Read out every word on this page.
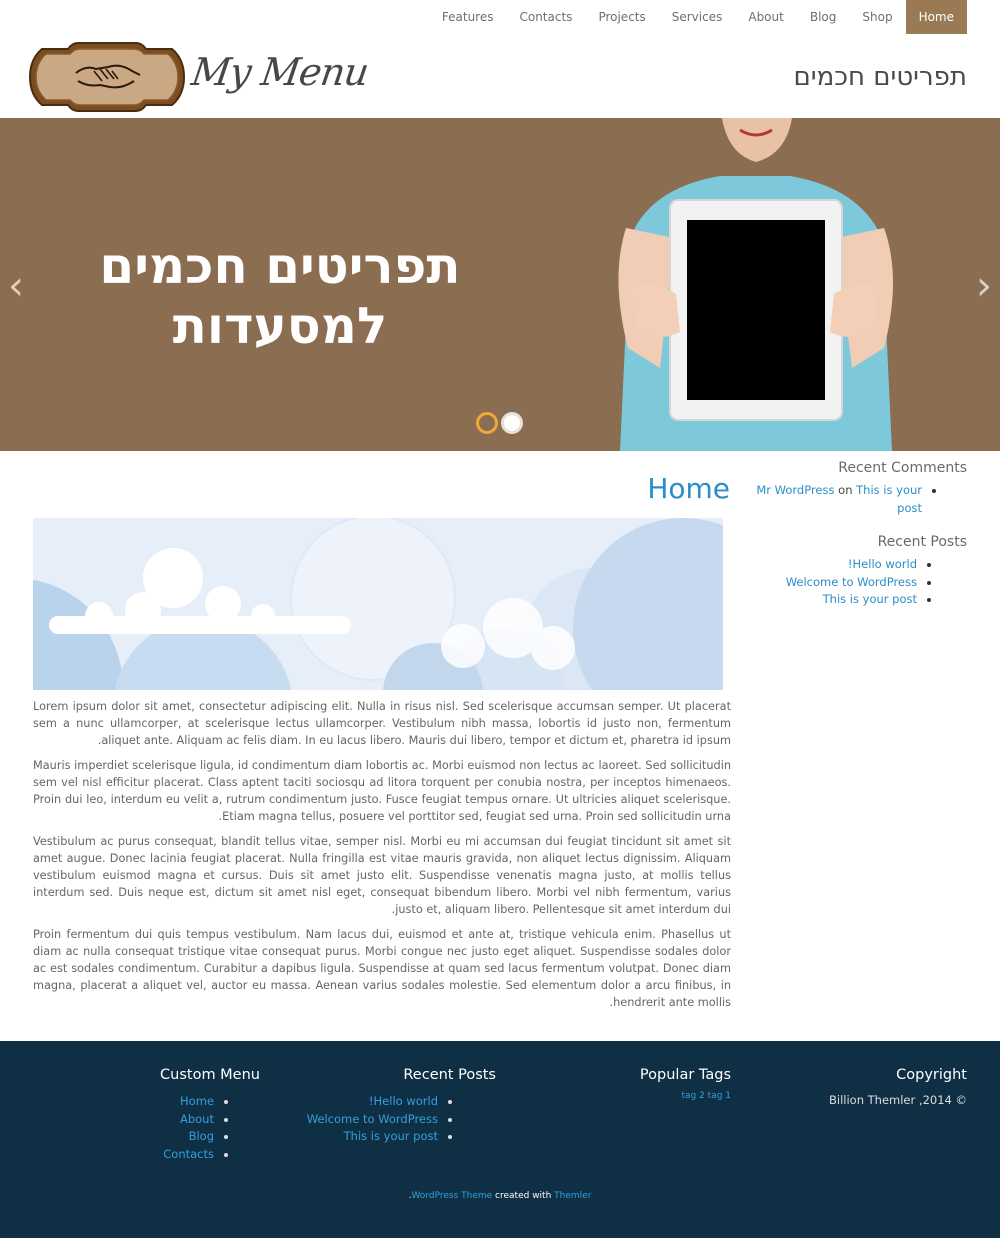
Home
Shop
Blog
About
Services
Projects
Contacts
Features
My Menu	תפריטים חכמים
תפריטים חכמים
למסעדות
‹	›
Home

Lorem ipsum dolor sit amet, consectetur adipiscing elit. Nulla in risus nisl. Sed scelerisque accumsan semper. Ut placerat sem a nunc ullamcorper, at scelerisque lectus ullamcorper. Vestibulum nibh massa, lobortis id justo non, fermentum aliquet ante. Aliquam ac felis diam. In eu lacus libero. Mauris dui libero, tempor et dictum et, pharetra id ipsum.

Mauris imperdiet scelerisque ligula, id condimentum diam lobortis ac. Morbi euismod non lectus ac laoreet. Sed sollicitudin sem vel nisl efficitur placerat. Class aptent taciti sociosqu ad litora torquent per conubia nostra, per inceptos himenaeos. Proin dui leo, interdum eu velit a, rutrum condimentum justo. Fusce feugiat tempus ornare. Ut ultricies aliquet scelerisque. Etiam magna tellus, posuere vel porttitor sed, feugiat sed urna. Proin sed sollicitudin urna.

Vestibulum ac purus consequat, blandit tellus vitae, semper nisl. Morbi eu mi accumsan dui feugiat tincidunt sit amet sit amet augue. Donec lacinia feugiat placerat. Nulla fringilla est vitae mauris gravida, non aliquet lectus dignissim. Aliquam vestibulum euismod magna et cursus. Duis sit amet justo elit. Suspendisse venenatis magna justo, at mollis tellus interdum sed. Duis neque est, dictum sit amet nisl eget, consequat bibendum libero. Morbi vel nibh fermentum, varius justo et, aliquam libero. Pellentesque sit amet interdum dui.

Proin fermentum dui quis tempus vestibulum. Nam lacus dui, euismod et ante at, tristique vehicula enim. Phasellus ut diam ac nulla consequat tristique vitae consequat purus. Morbi congue nec justo eget aliquet. Suspendisse sodales dolor ac est sodales condimentum. Curabitur a dapibus ligula. Suspendisse at quam sed lacus fermentum volutpat. Donec diam magna, placerat a aliquet vel, auctor eu massa. Aenean varius sodales molestie. Sed elementum dolor a arcu finibus, in hendrerit ante mollis.

Recent Comments
• Mr WordPress on This is your post
Recent Posts
• Hello world!
• Welcome to WordPress
• This is your post
Copyright
© 2014, Billion Themler
Popular Tags
tag 2 tag 1
Recent Posts
• Hello world!
• Welcome to WordPress
• This is your post
Custom Menu
• Home
• About
• Blog
• Contacts
.WordPress Theme created with Themler
